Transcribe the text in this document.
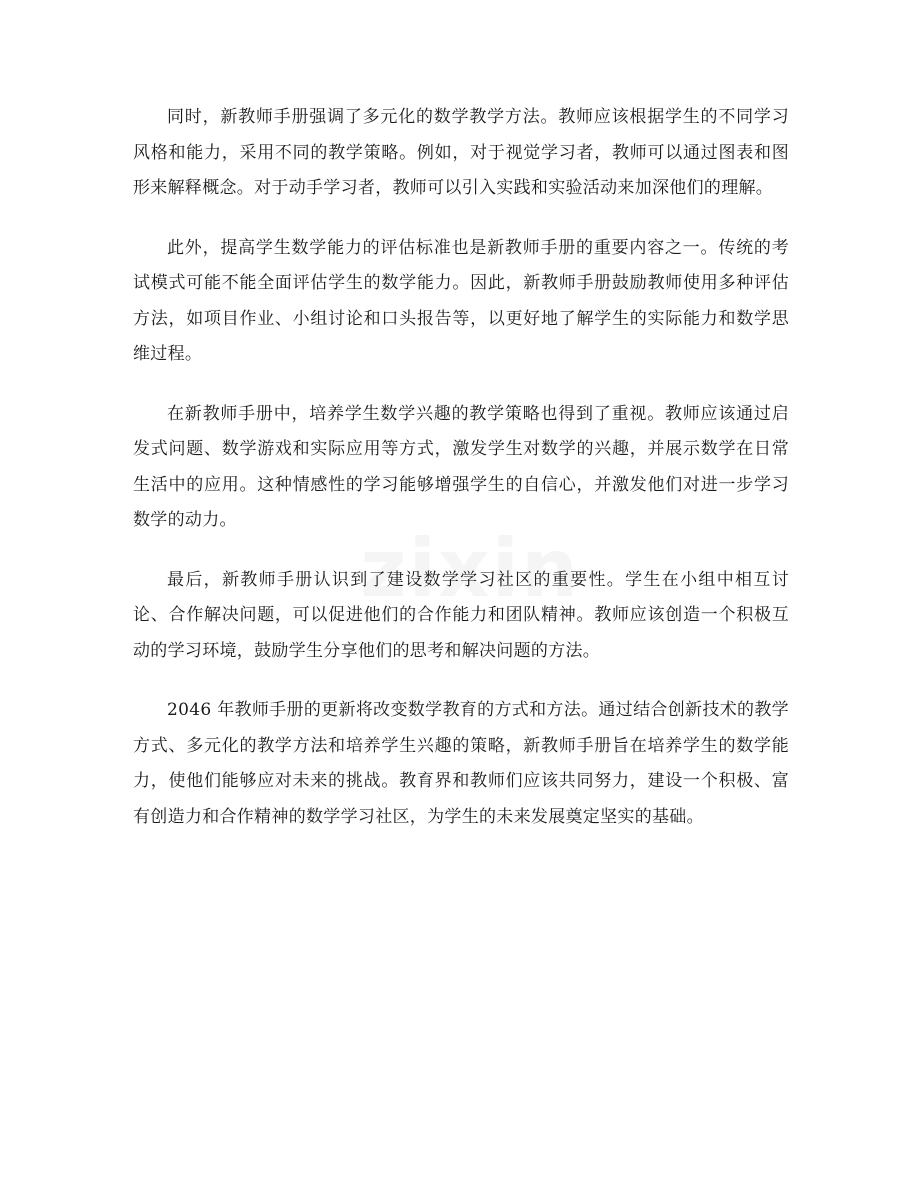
同时，新教师手册强调了多元化的数学教学方法。教师应该根据学生的不同学习风格和能力，采用不同的教学策略。例如，对于视觉学习者，教师可以通过图表和图形来解释概念。对于动手学习者，教师可以引入实践和实验活动来加深他们的理解。

此外，提高学生数学能力的评估标准也是新教师手册的重要内容之一。传统的考试模式可能不能全面评估学生的数学能力。因此，新教师手册鼓励教师使用多种评估方法，如项目作业、小组讨论和口头报告等，以更好地了解学生的实际能力和数学思维过程。

在新教师手册中，培养学生数学兴趣的教学策略也得到了重视。教师应该通过启发式问题、数学游戏和实际应用等方式，激发学生对数学的兴趣，并展示数学在日常生活中的应用。这种情感性的学习能够增强学生的自信心，并激发他们对进一步学习数学的动力。

最后，新教师手册认识到了建设数学学习社区的重要性。学生在小组中相互讨论、合作解决问题，可以促进他们的合作能力和团队精神。教师应该创造一个积极互动的学习环境，鼓励学生分享他们的思考和解决问题的方法。

2046 年教师手册的更新将改变数学教育的方式和方法。通过结合创新技术的教学方式、多元化的教学方法和培养学生兴趣的策略，新教师手册旨在培养学生的数学能力，使他们能够应对未来的挑战。教育界和教师们应该共同努力，建设一个积极、富有创造力和合作精神的数学学习社区，为学生的未来发展奠定坚实的基础。
